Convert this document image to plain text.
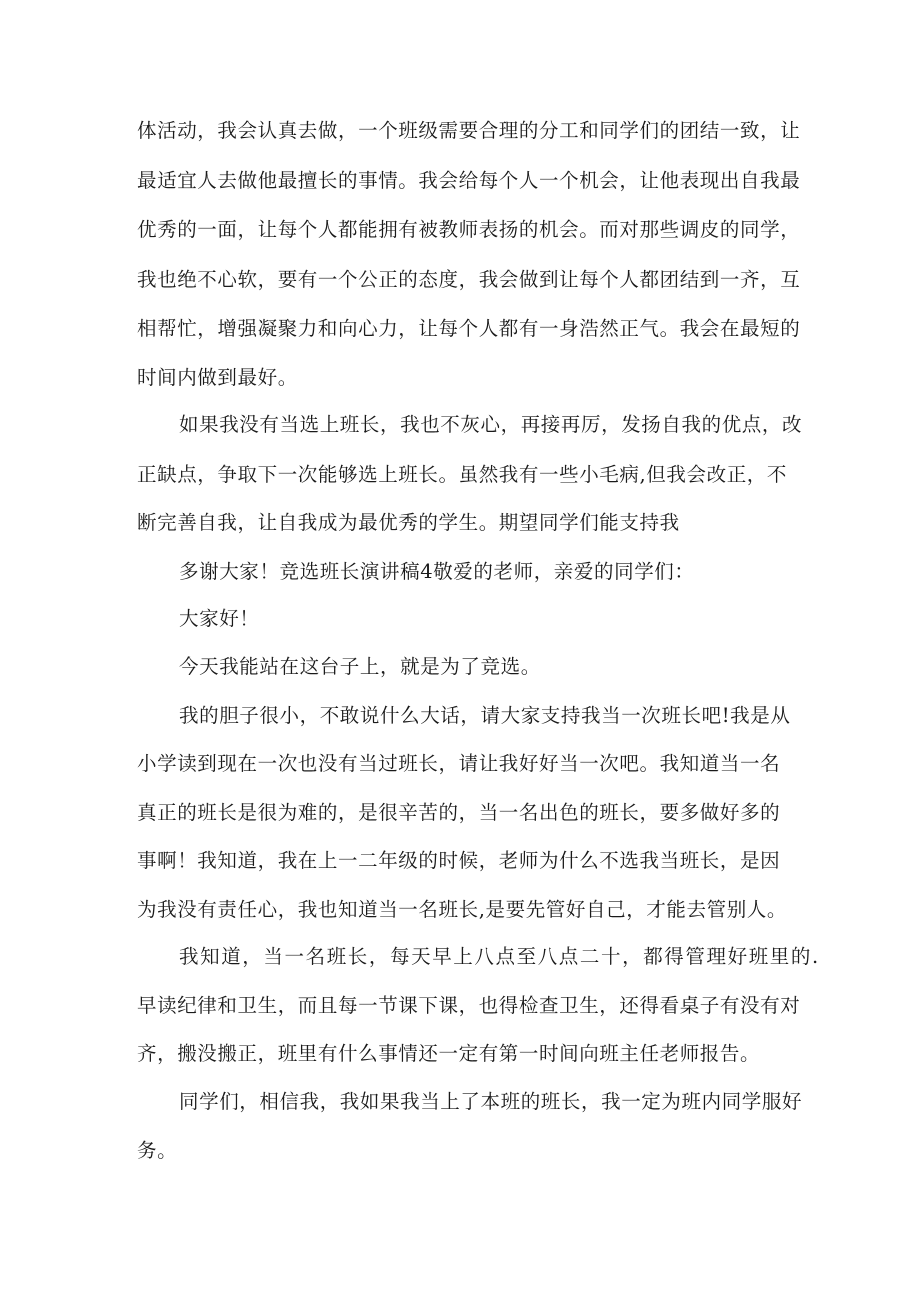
体活动，我会认真去做，一个班级需要合理的分工和同学们的团结一致，让
最适宜人去做他最擅长的事情。我会给每个人一个机会，让他表现出自我最
优秀的一面，让每个人都能拥有被教师表扬的机会。而对那些调皮的同学，
我也绝不心软，要有一个公正的态度，我会做到让每个人都团结到一齐，互
相帮忙，增强凝聚力和向心力，让每个人都有一身浩然正气。我会在最短的
时间内做到最好。
如果我没有当选上班长，我也不灰心，再接再厉，发扬自我的优点，改
正缺点，争取下一次能够选上班长。虽然我有一些小毛病,但我会改正，不
断完善自我，让自我成为最优秀的学生。期望同学们能支持我
多谢大家！竞选班长演讲稿4敬爱的老师，亲爱的同学们：
大家好！
今天我能站在这台子上，就是为了竞选。
我的胆子很小，不敢说什么大话，请大家支持我当一次班长吧!我是从
小学读到现在一次也没有当过班长，请让我好好当一次吧。我知道当一名
真正的班长是很为难的，是很辛苦的，当一名出色的班长，要多做好多的
事啊！我知道，我在上一二年级的时候，老师为什么不选我当班长，是因
为我没有责任心，我也知道当一名班长,是要先管好自己，才能去管别人。
我知道，当一名班长，每天早上八点至八点二十，都得管理好班里的.
早读纪律和卫生，而且每一节课下课，也得检查卫生，还得看桌子有没有对
齐，搬没搬正，班里有什么事情还一定有第一时间向班主任老师报告。
同学们，相信我，我如果我当上了本班的班长，我一定为班内同学服好
务。
